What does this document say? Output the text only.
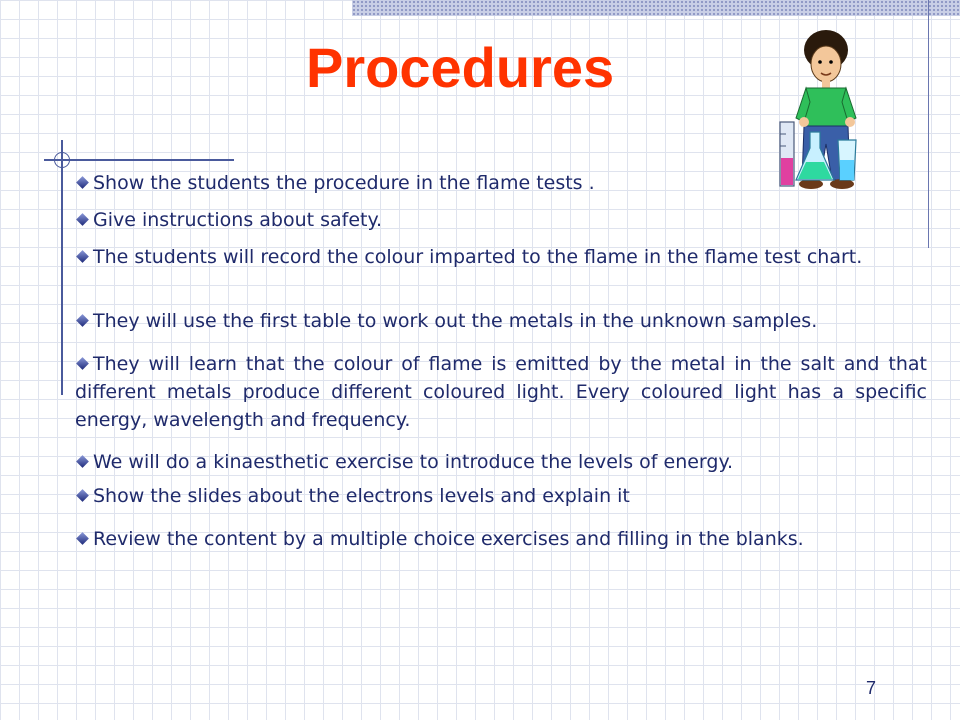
Procedures
Show the students the procedure in the flame tests .
Give instructions about safety.
The students will record the colour imparted to the flame in the flame test chart.
They will use the first table to work out the metals in the unknown samples.
They will learn that the colour of flame is emitted by the metal in the salt and that different metals produce different coloured light. Every coloured light has a specific energy, wavelength and frequency.
We will do a kinaesthetic exercise to introduce the levels of energy.
Show the slides about the electrons levels and explain it
Review the content by a multiple choice exercises and filling in the blanks.
7
